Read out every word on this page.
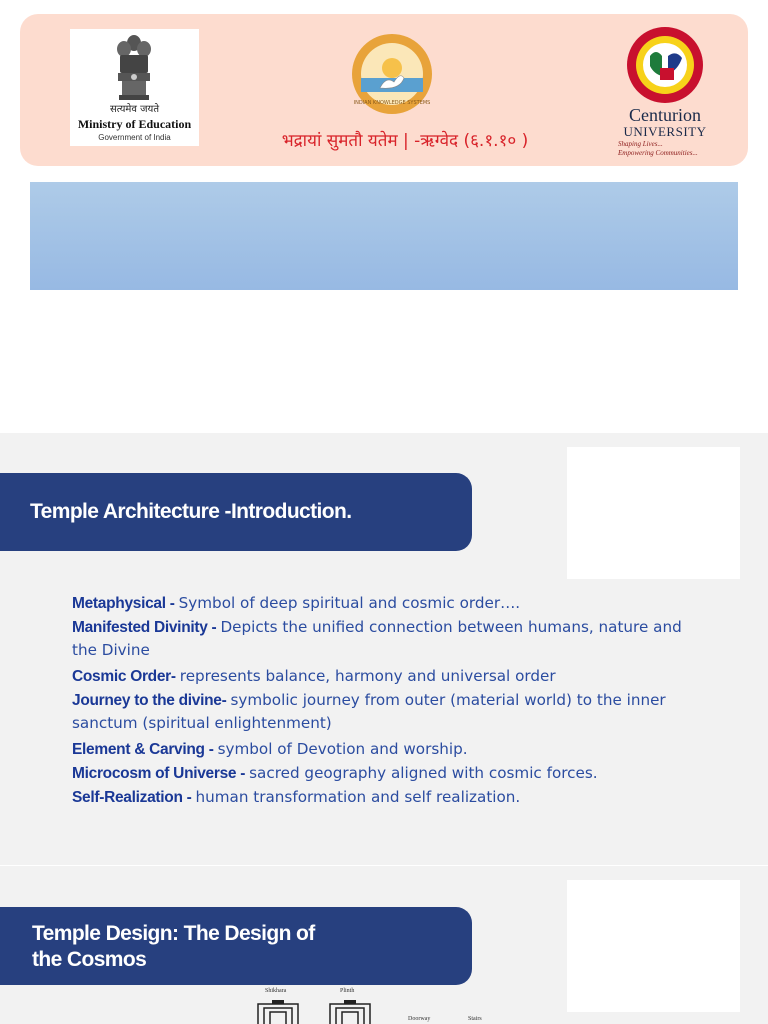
सत्यमेव जयते
Ministry of Education
Government of India
INDIAN KNOWLEDGE SYSTEMS
भद्रायां सुमतौ यतेम | -ऋग्वेद (६.१.१० )
Centurion
UNIVERSITY
Shaping Lives...
Empowering Communities...
Temple Architecture -Introduction.
Metaphysical - Symbol of deep spiritual and cosmic order….
Manifested Divinity - Depicts the unified connection between humans, nature and the Divine
Cosmic Order- represents balance, harmony and universal order
Journey to the divine- symbolic journey from outer (material world) to the inner sanctum (spiritual enlightenment)
Element & Carving - symbol of Devotion and worship.
Microcosm of Universe - sacred geography aligned with cosmic forces.
Self-Realization - human transformation and self realization.
Temple Design: The Design of
the Cosmos
Shikhara	Plinth
Doorway	Stairs
